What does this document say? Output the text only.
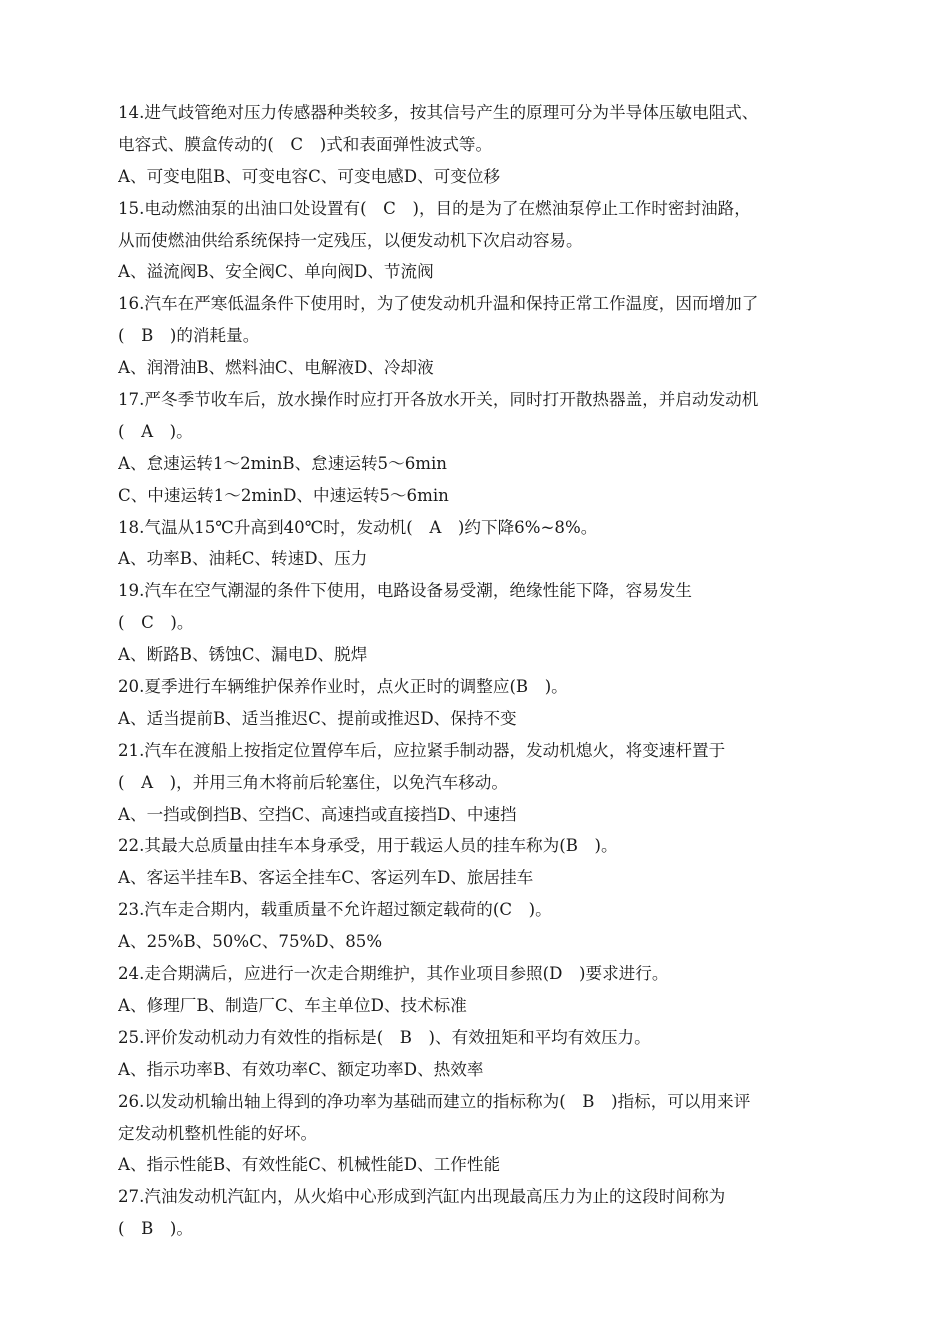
14.进气歧管绝对压力传感器种类较多，按其信号产生的原理可分为半导体压敏电阻式、
电容式、膜盒传动的(　C　)式和表面弹性波式等。
A、可变电阻B、可变电容C、可变电感D、可变位移
15.电动燃油泵的出油口处设置有(　C　)，目的是为了在燃油泵停止工作时密封油路，
从而使燃油供给系统保持一定残压，以便发动机下次启动容易。
A、溢流阀B、安全阀C、单向阀D、节流阀
16.汽车在严寒低温条件下使用时，为了使发动机升温和保持正常工作温度，因而增加了
(　B　)的消耗量。
A、润滑油B、燃料油C、电解液D、冷却液
17.严冬季节收车后，放水操作时应打开各放水开关，同时打开散热器盖，并启动发动机
(　A　)。
A、怠速运转1～2minB、怠速运转5～6min
C、中速运转1～2minD、中速运转5～6min
18.气温从15℃升高到40℃时，发动机(　A　)约下降6%~8%。
A、功率B、油耗C、转速D、压力
19.汽车在空气潮湿的条件下使用，电路设备易受潮，绝缘性能下降，容易发生
(　C　)。
A、断路B、锈蚀C、漏电D、脱焊
20.夏季进行车辆维护保养作业时，点火正时的调整应(B　)。
A、适当提前B、适当推迟C、提前或推迟D、保持不变
21.汽车在渡船上按指定位置停车后，应拉紧手制动器，发动机熄火，将变速杆置于
(　A　)，并用三角木将前后轮塞住，以免汽车移动。
A、一挡或倒挡B、空挡C、高速挡或直接挡D、中速挡
22.其最大总质量由挂车本身承受，用于载运人员的挂车称为(B　)。
A、客运半挂车B、客运全挂车C、客运列车D、旅居挂车
23.汽车走合期内，载重质量不允许超过额定载荷的(C　)。
A、25%B、50%C、75%D、85%
24.走合期满后，应进行一次走合期维护，其作业项目参照(D　)要求进行。
A、修理厂B、制造厂C、车主单位D、技术标准
25.评价发动机动力有效性的指标是(　B　)、有效扭矩和平均有效压力。
A、指示功率B、有效功率C、额定功率D、热效率
26.以发动机输出轴上得到的净功率为基础而建立的指标称为(　B　)指标，可以用来评
定发动机整机性能的好坏。
A、指示性能B、有效性能C、机械性能D、工作性能
27.汽油发动机汽缸内，从火焰中心形成到汽缸内出现最高压力为止的这段时间称为
(　B　)。
